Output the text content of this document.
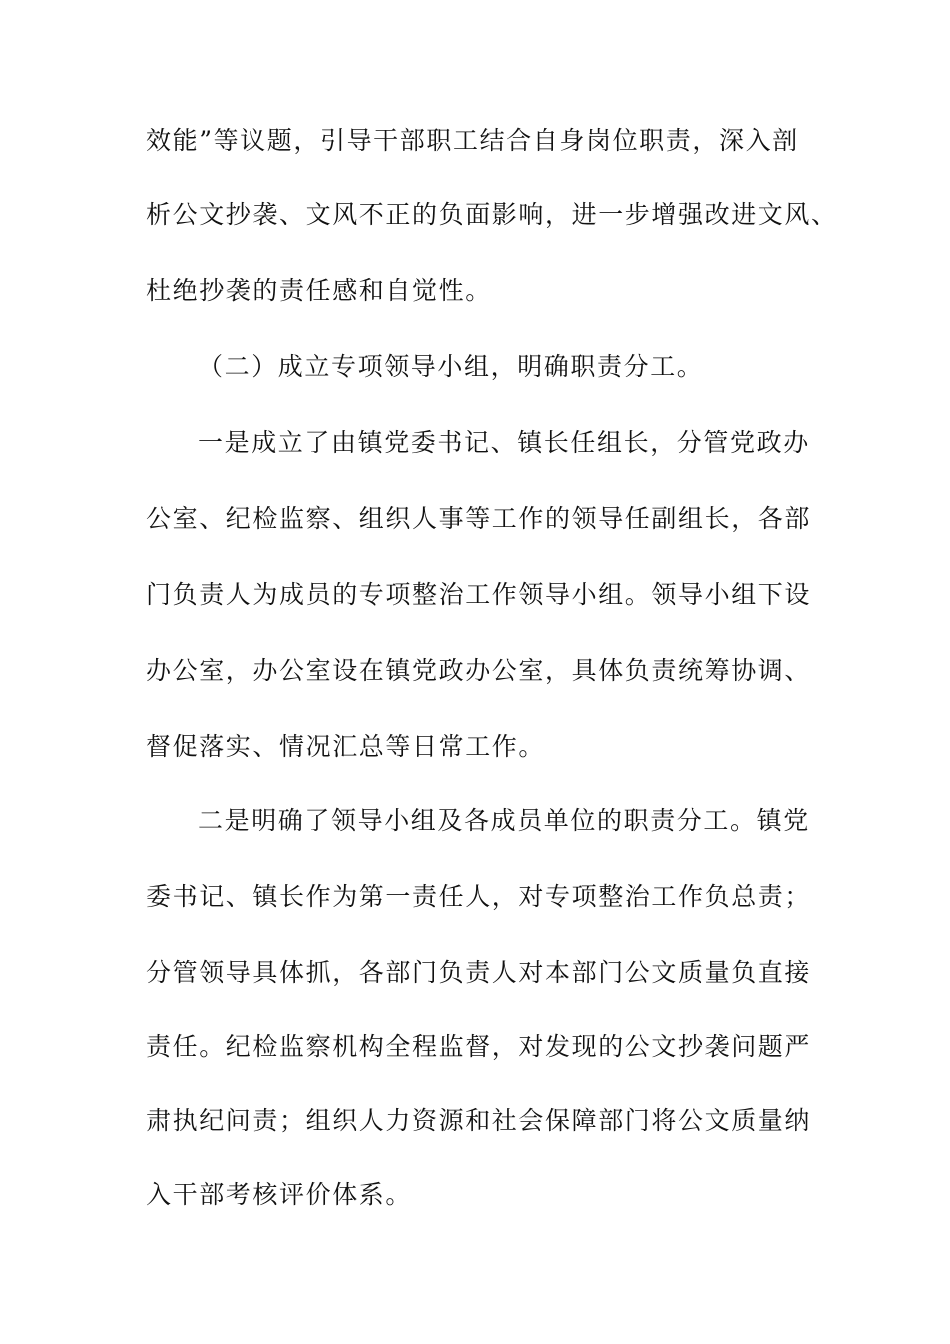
效能”等议题，引导干部职工结合自身岗位职责，深入剖
析公文抄袭、文风不正的负面影响，进一步增强改进文风、
杜绝抄袭的责任感和自觉性。
（二）成立专项领导小组，明确职责分工。
一是成立了由镇党委书记、镇长任组长，分管党政办
公室、纪检监察、组织人事等工作的领导任副组长，各部
门负责人为成员的专项整治工作领导小组。领导小组下设
办公室，办公室设在镇党政办公室，具体负责统筹协调、
督促落实、情况汇总等日常工作。
二是明确了领导小组及各成员单位的职责分工。镇党
委书记、镇长作为第一责任人，对专项整治工作负总责；
分管领导具体抓，各部门负责人对本部门公文质量负直接
责任。纪检监察机构全程监督，对发现的公文抄袭问题严
肃执纪问责；组织人力资源和社会保障部门将公文质量纳
入干部考核评价体系。
